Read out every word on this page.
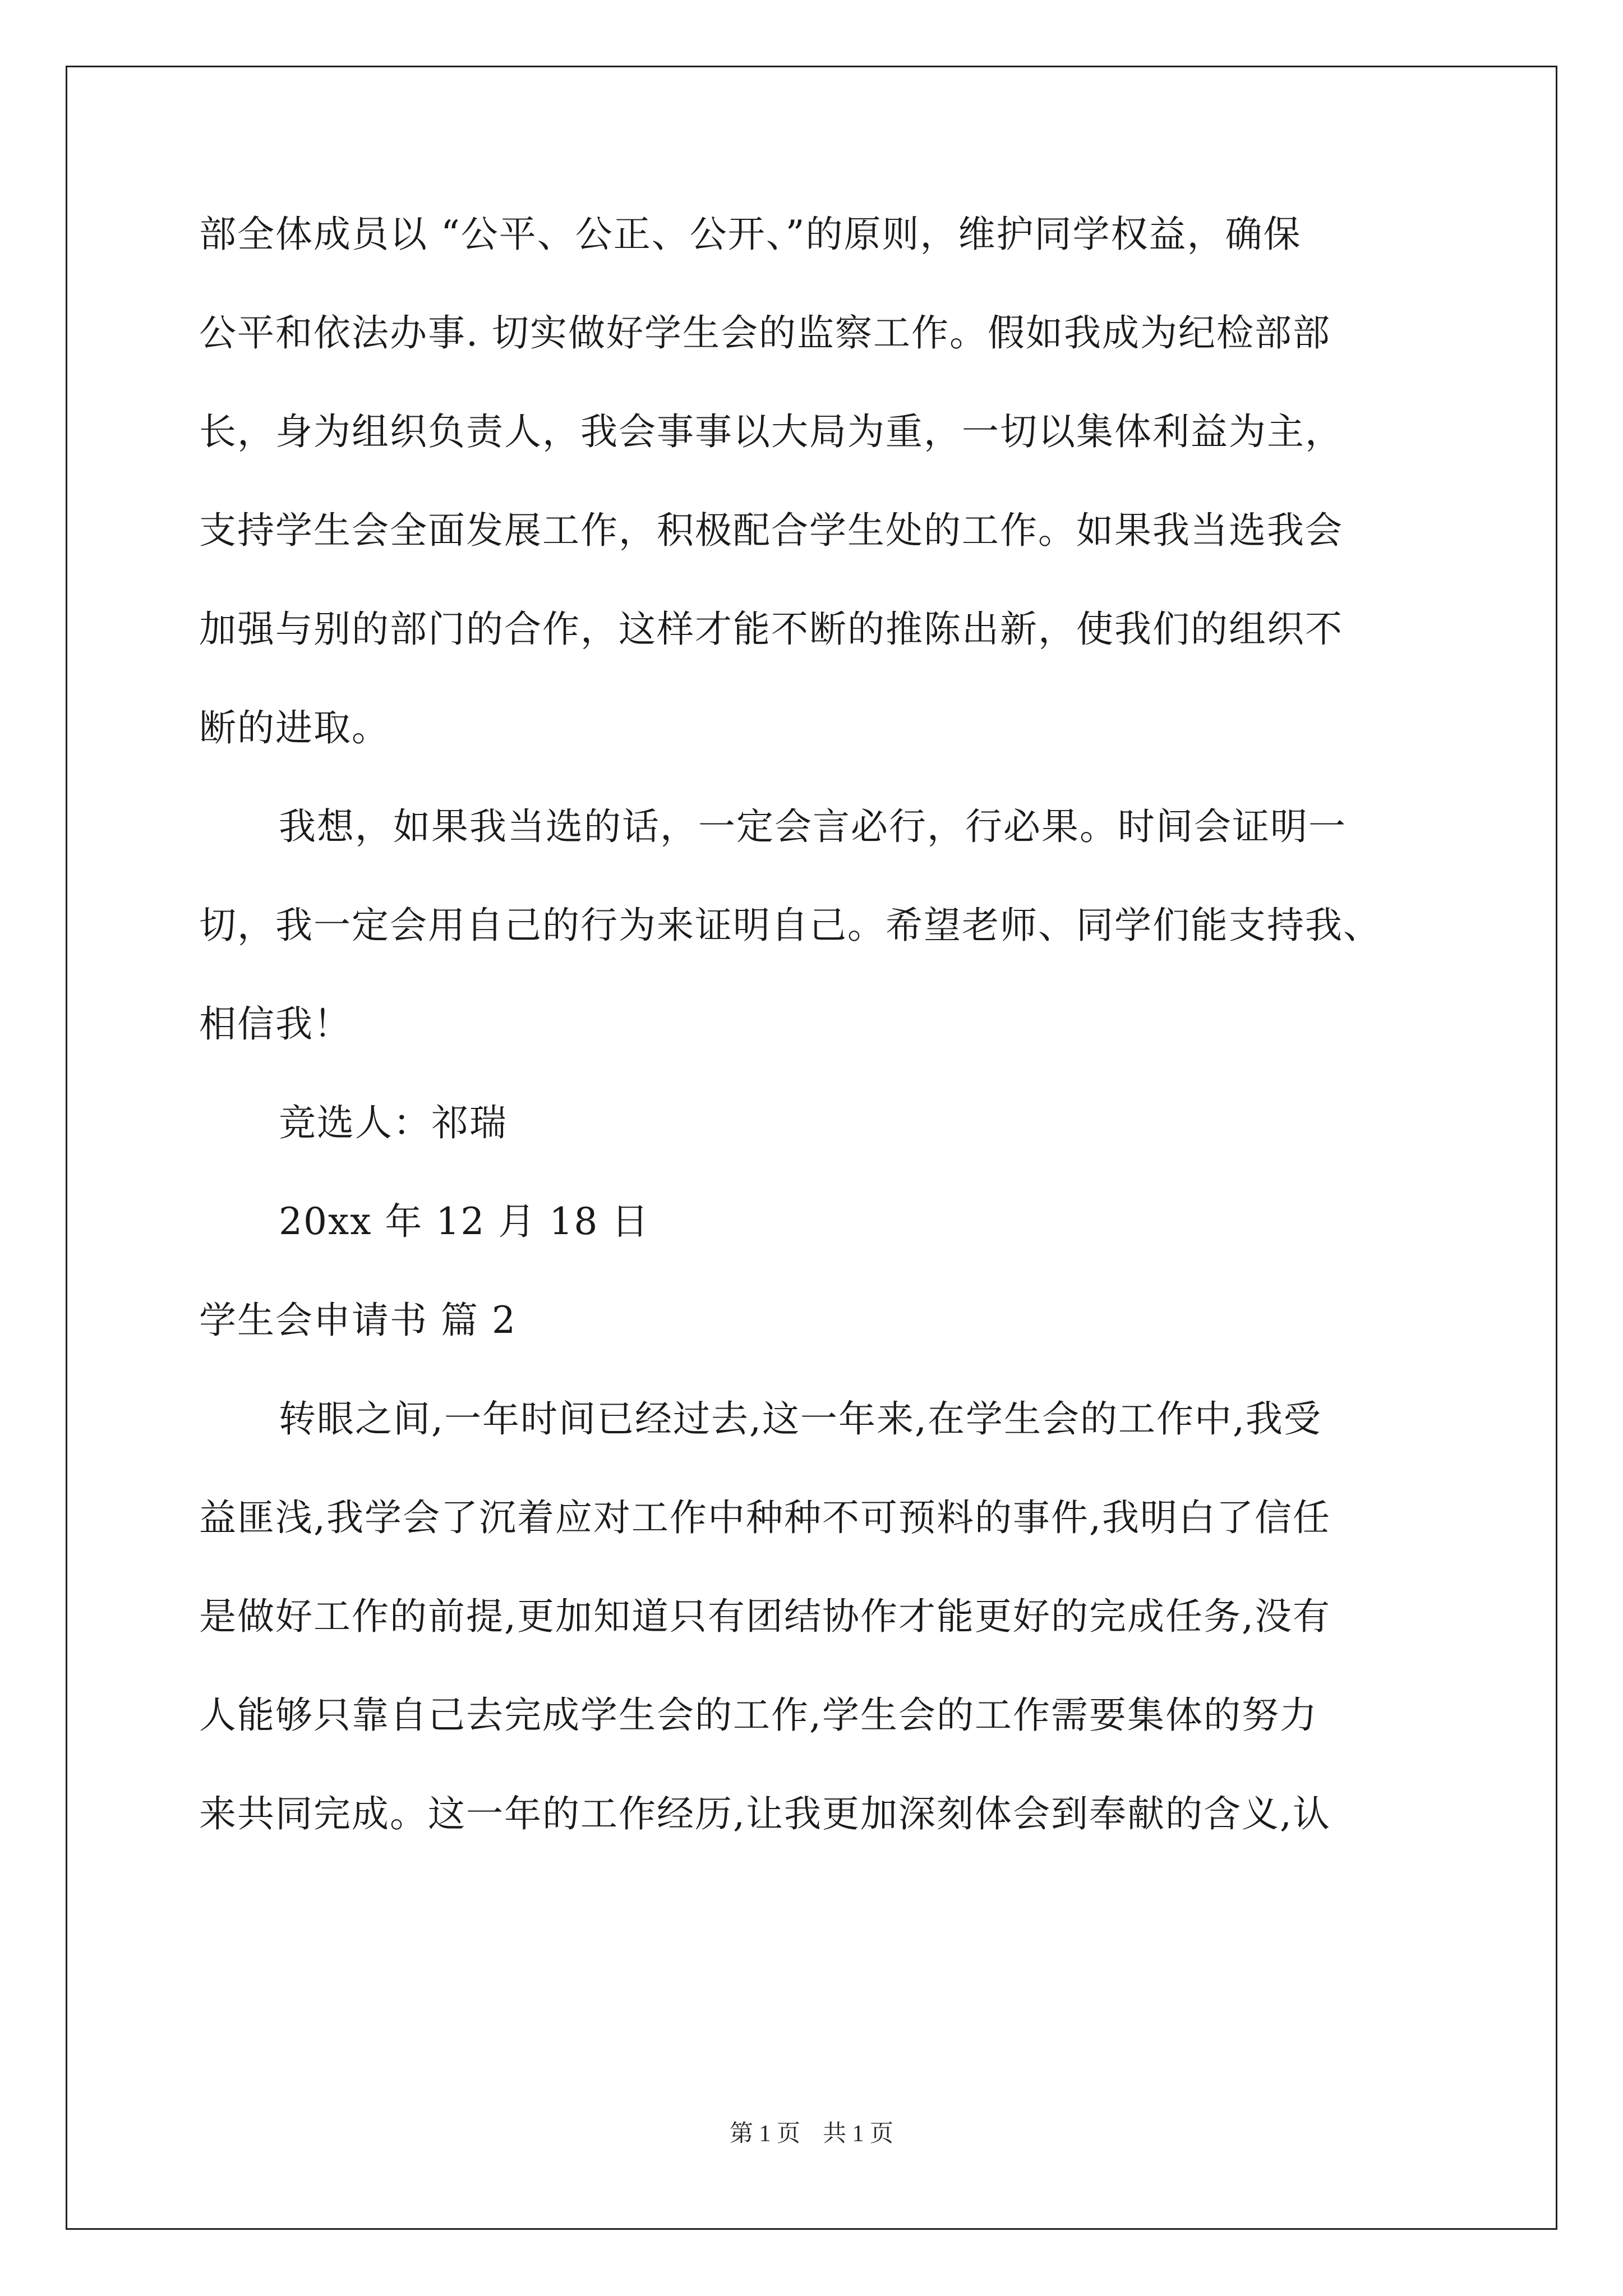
部全体成员以 “公平、公正、公开、”的原则，维护同学权益，确保
公平和依法办事. 切实做好学生会的监察工作。假如我成为纪检部部
长，身为组织负责人，我会事事以大局为重，一切以集体利益为主，
支持学生会全面发展工作，积极配合学生处的工作。如果我当选我会
加强与别的部门的合作，这样才能不断的推陈出新，使我们的组织不
断的进取。
我想，如果我当选的话，一定会言必行，行必果。时间会证明一
切，我一定会用自己的行为来证明自己。希望老师、同学们能支持我、
相信我！
竞选人：祁瑞
20xx 年 12 月 18 日
学生会申请书 篇 2
转眼之间,一年时间已经过去,这一年来,在学生会的工作中,我受
益匪浅,我学会了沉着应对工作中种种不可预料的事件,我明白了信任
是做好工作的前提,更加知道只有团结协作才能更好的完成任务,没有
人能够只靠自己去完成学生会的工作,学生会的工作需要集体的努力
来共同完成。这一年的工作经历,让我更加深刻体会到奉献的含义,认
第 1 页 共 1 页
